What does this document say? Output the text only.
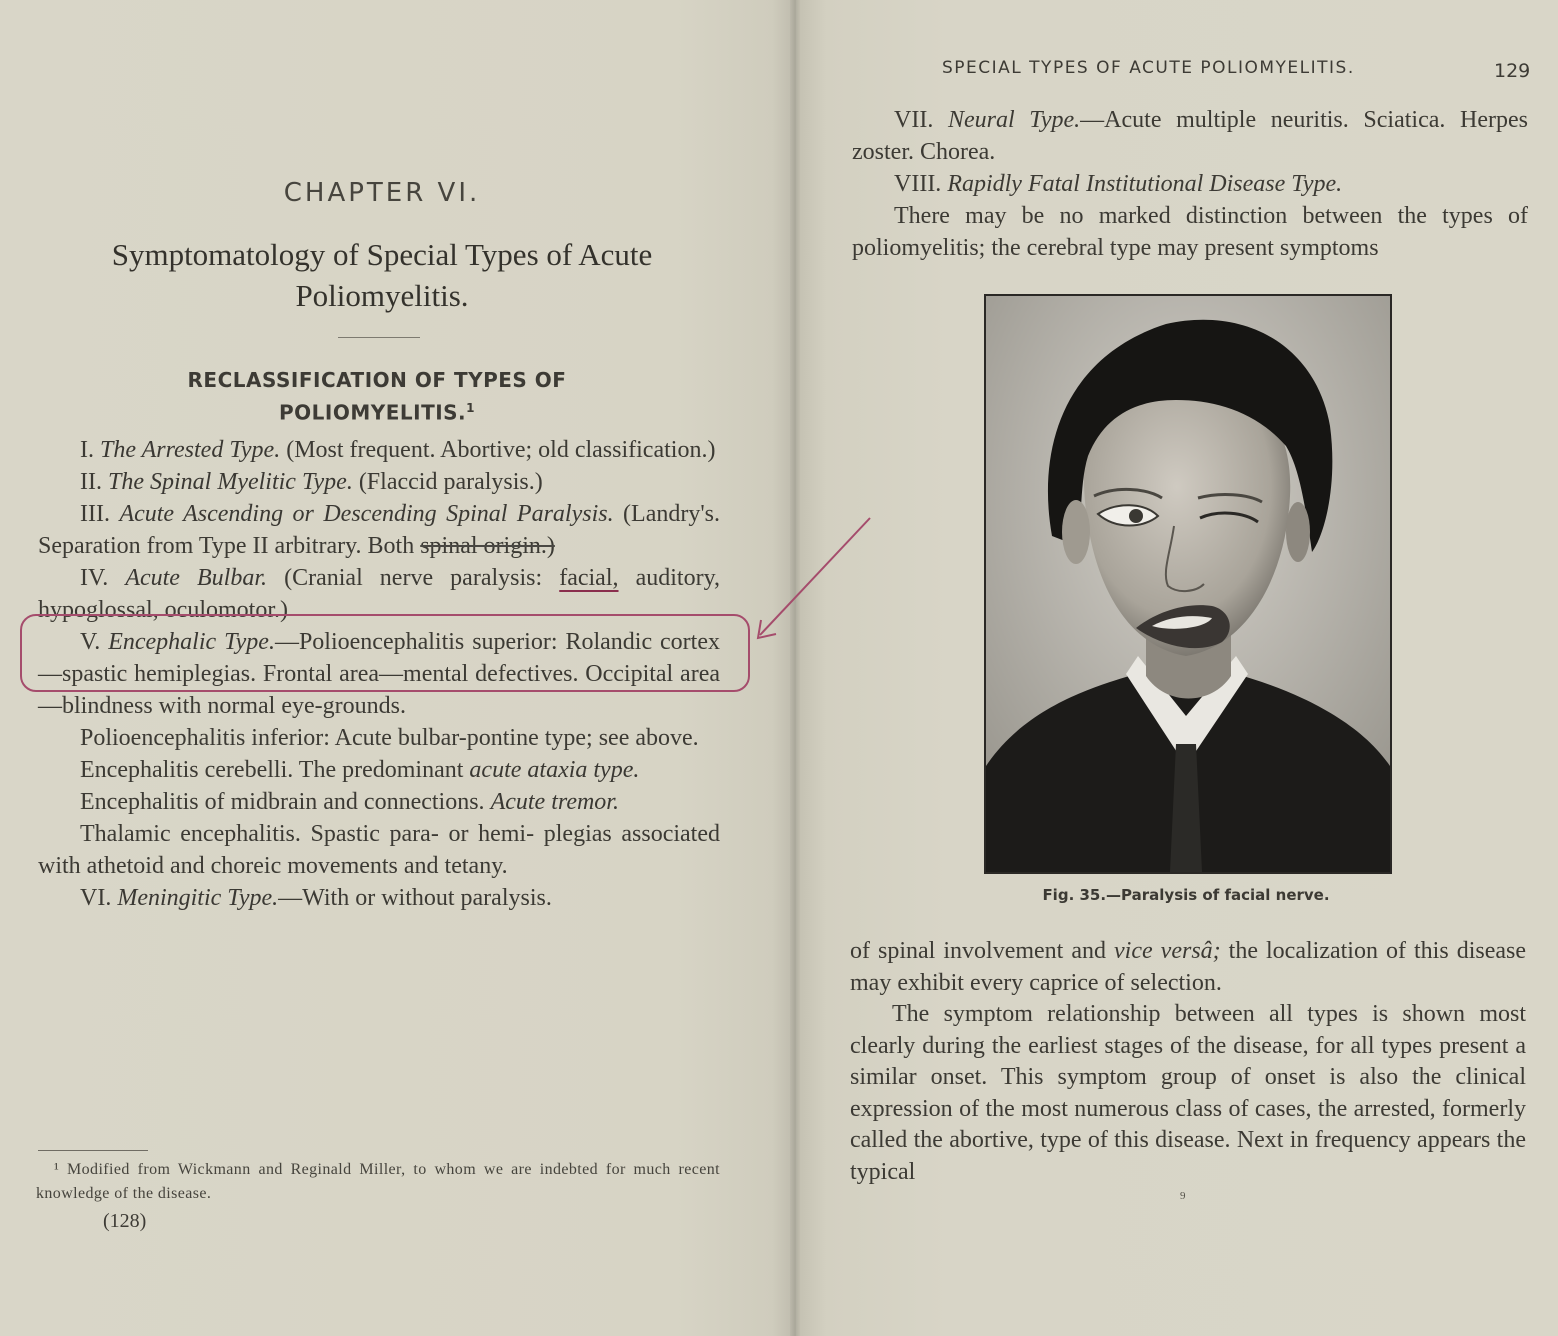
CHAPTER VI.
Symptomatology of Special Types of Acute
Poliomyelitis.
RECLASSIFICATION OF TYPES OF
POLIOMYELITIS.$^1$

I. The Arrested Type. (Most frequent. Abortive; old classification.)

II. The Spinal Myelitic Type. (Flaccid paralysis.)

III. Acute Ascending or Descending Spinal Paralysis. (Landry's. Separation from Type II arbitrary. Both spinal origin.)

IV. Acute Bulbar. (Cranial nerve paralysis: facial, auditory, hypoglossal, oculomotor.)

V. Encephalic Type.—Polioencephalitis superior: Rolandic cortex—spastic hemiplegias. Frontal area—mental defectives. Occipital area—blindness with normal eye-grounds.

Polioencephalitis inferior: Acute bulbar-pontine type; see above.

Encephalitis cerebelli. The predominant acute ataxia type.

Encephalitis of midbrain and connections. Acute tremor.

Thalamic encephalitis. Spastic para- or hemi- plegias associated with athetoid and choreic movements and tetany.

VI. Meningitic Type.—With or without paralysis.

¹ Modified from Wickmann and Reginald Miller, to whom we are indebted for much recent knowledge of the disease.

(128)
SPECIAL TYPES OF ACUTE POLIOMYELITIS.	129

VII. Neural Type.—Acute multiple neuritis. Sciatica. Herpes zoster. Chorea.

VIII. Rapidly Fatal Institutional Disease Type.

There may be no marked distinction between the types of poliomyelitis; the cerebral type may present symptoms

Fig. 35.—Paralysis of facial nerve.

of spinal involvement and vice versâ; the localization of this disease may exhibit every caprice of selection.

The symptom relationship between all types is shown most clearly during the earliest stages of the disease, for all types present a similar onset. This symptom group of onset is also the clinical expression of the most numerous class of cases, the arrested, formerly called the abortive, type of this disease. Next in frequency appears the typical

9
